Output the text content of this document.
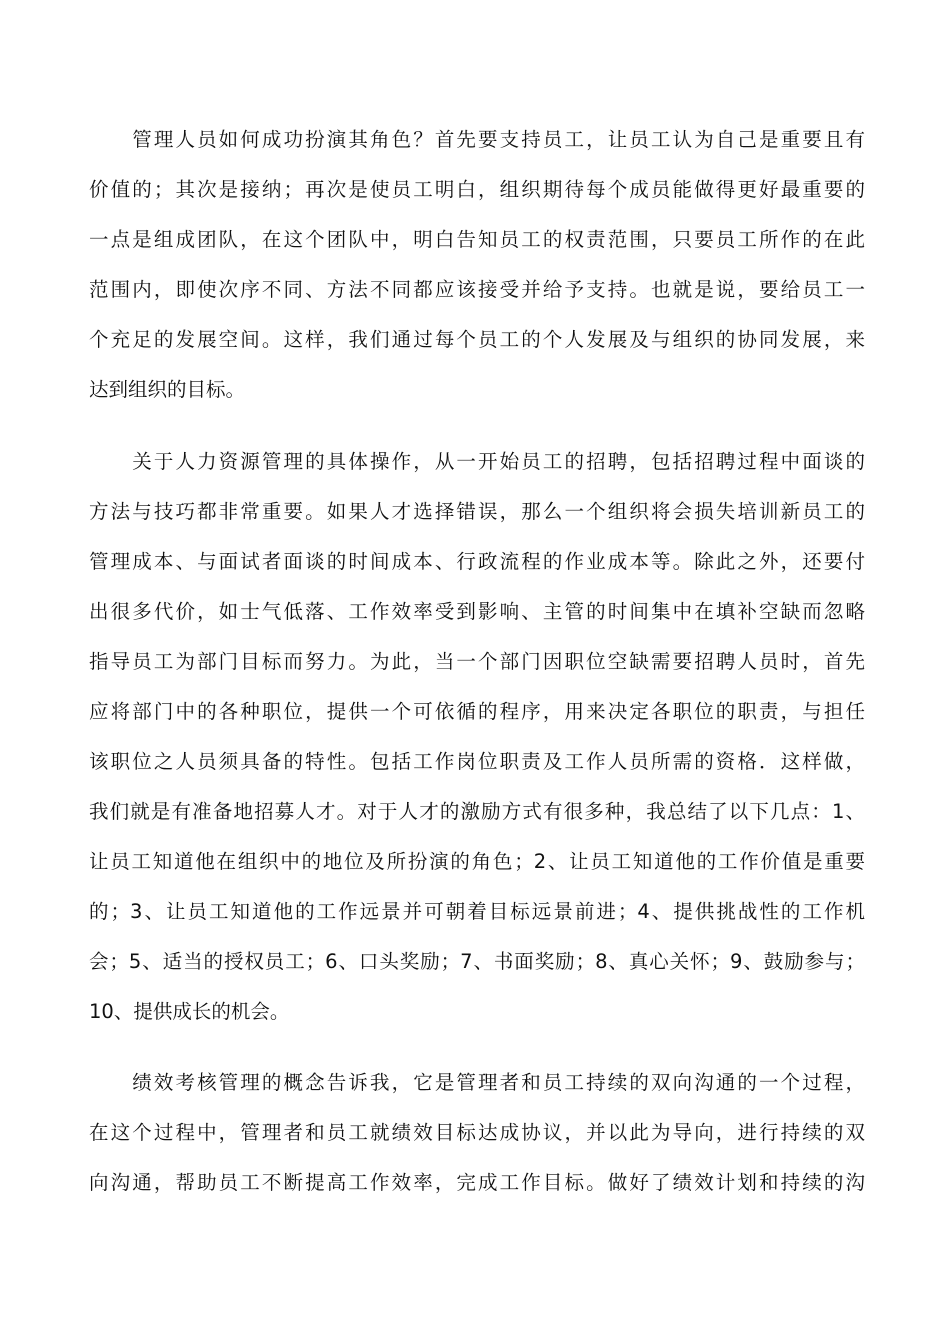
　　管理人员如何成功扮演其角色？首先要支持员工，让员工认为自己是重要且有
价值的；其次是接纳；再次是使员工明白，组织期待每个成员能做得更好最重要的
一点是组成团队，在这个团队中，明白告知员工的权责范围，只要员工所作的在此
范围内，即使次序不同、方法不同都应该接受并给予支持。也就是说，要给员工一
个充足的发展空间。这样，我们通过每个员工的个人发展及与组织的协同发展，来
达到组织的目标。
　　关于人力资源管理的具体操作，从一开始员工的招聘，包括招聘过程中面谈的
方法与技巧都非常重要。如果人才选择错误，那么一个组织将会损失培训新员工的
管理成本、与面试者面谈的时间成本、行政流程的作业成本等。除此之外，还要付
出很多代价，如士气低落、工作效率受到影响、主管的时间集中在填补空缺而忽略
指导员工为部门目标而努力。为此，当一个部门因职位空缺需要招聘人员时，首先
应将部门中的各种职位，提供一个可依循的程序，用来决定各职位的职责，与担任
该职位之人员须具备的特性。包括工作岗位职责及工作人员所需的资格．这样做，
我们就是有准备地招募人才。对于人才的激励方式有很多种，我总结了以下几点：1、
让员工知道他在组织中的地位及所扮演的角色；2、让员工知道他的工作价值是重要
的；3、让员工知道他的工作远景并可朝着目标远景前进；4、提供挑战性的工作机
会；5、适当的授权员工；6、口头奖励；7、书面奖励；8、真心关怀；9、鼓励参与；
10、提供成长的机会。
　　绩效考核管理的概念告诉我，它是管理者和员工持续的双向沟通的一个过程，
在这个过程中，管理者和员工就绩效目标达成协议，并以此为导向，进行持续的双
向沟通，帮助员工不断提高工作效率，完成工作目标。做好了绩效计划和持续的沟
